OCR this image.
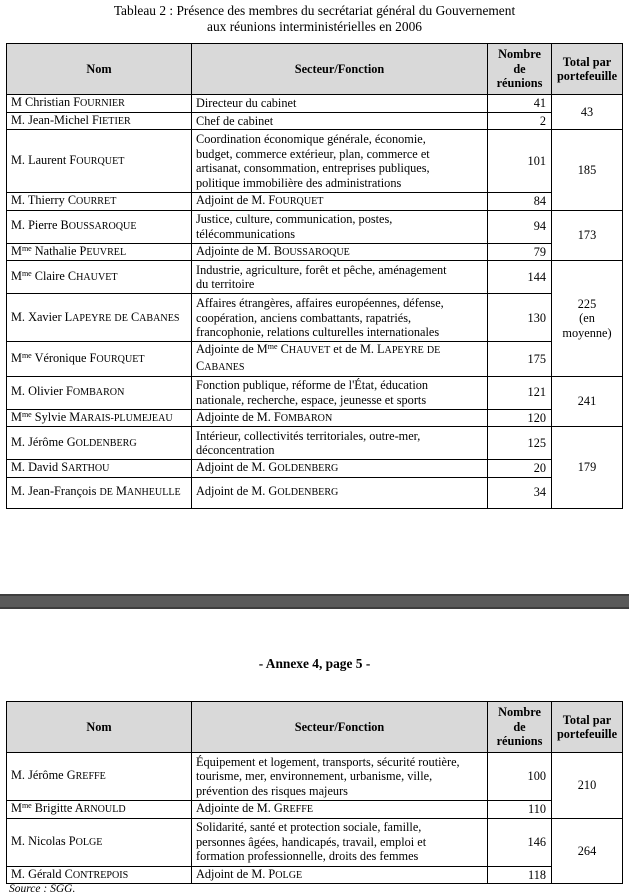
Tableau 2 : Présence des membres du secrétariat général du Gouvernement
aux réunions interministérielles en 2006
Nom	Secteur/Fonction	Nombre
de
réunions	Total par
portefeuille
M Christian FOURNIER	Directeur du cabinet	41	43
M. Jean-Michel FIETIER	Chef de cabinet	2	
M. Laurent FOURQUET	Coordination économique générale, économie,
budget, commerce extérieur, plan, commerce et
artisanat, consommation, entreprises publiques,
politique immobilière des administrations	101	185
M. Thierry COURRET	Adjoint de M. FOURQUET	84	
M. Pierre BOUSSAROQUE	Justice, culture, communication, postes,
télécommunications	94	173
$M^{me}$ Nathalie PEUVREL	Adjointe de M. BOUSSAROQUE	79	
$M^{me}$ Claire CHAUVET	Industrie, agriculture, forêt et pêche, aménagement
du territoire	144	225
(en
moyenne)
M. Xavier LAPEYRE DE CABANES	Affaires étrangères, affaires européennes, défense,
coopération, anciens combattants, rapatriés,
francophonie, relations culturelles internationales	130	
$M^{me}$ Véronique FOURQUET	Adjointe de $M^{me}$ CHAUVET et de M. LAPEYRE DE
CABANES	175	
M. Olivier FOMBARON	Fonction publique, réforme de l'État, éducation
nationale, recherche, espace, jeunesse et sports	121	241
$M^{me}$ Sylvie MARAIS-PLUMEJEAU	Adjointe de M. FOMBARON	120	
M. Jérôme GOLDENBERG	Intérieur, collectivités territoriales, outre-mer,
déconcentration	125	179
M. David SARTHOU	Adjoint de M. GOLDENBERG	20	
M. Jean-François DE MANHEULLE	Adjoint de M. GOLDENBERG	34	
- Annexe 4, page 5 -
Nom	Secteur/Fonction	Nombre
de
réunions	Total par
portefeuille
M. Jérôme GREFFE	Équipement et logement, transports, sécurité routière,
tourisme, mer, environnement, urbanisme, ville,
prévention des risques majeurs	100	210
$M^{me}$ Brigitte ARNOULD	Adjointe de M. GREFFE	110	
M. Nicolas POLGE	Solidarité, santé et protection sociale, famille,
personnes âgées, handicapés, travail, emploi et
formation professionnelle, droits des femmes	146	264
M. Gérald CONTREPOIS	Adjoint de M. POLGE	118	
Source : SGG.
